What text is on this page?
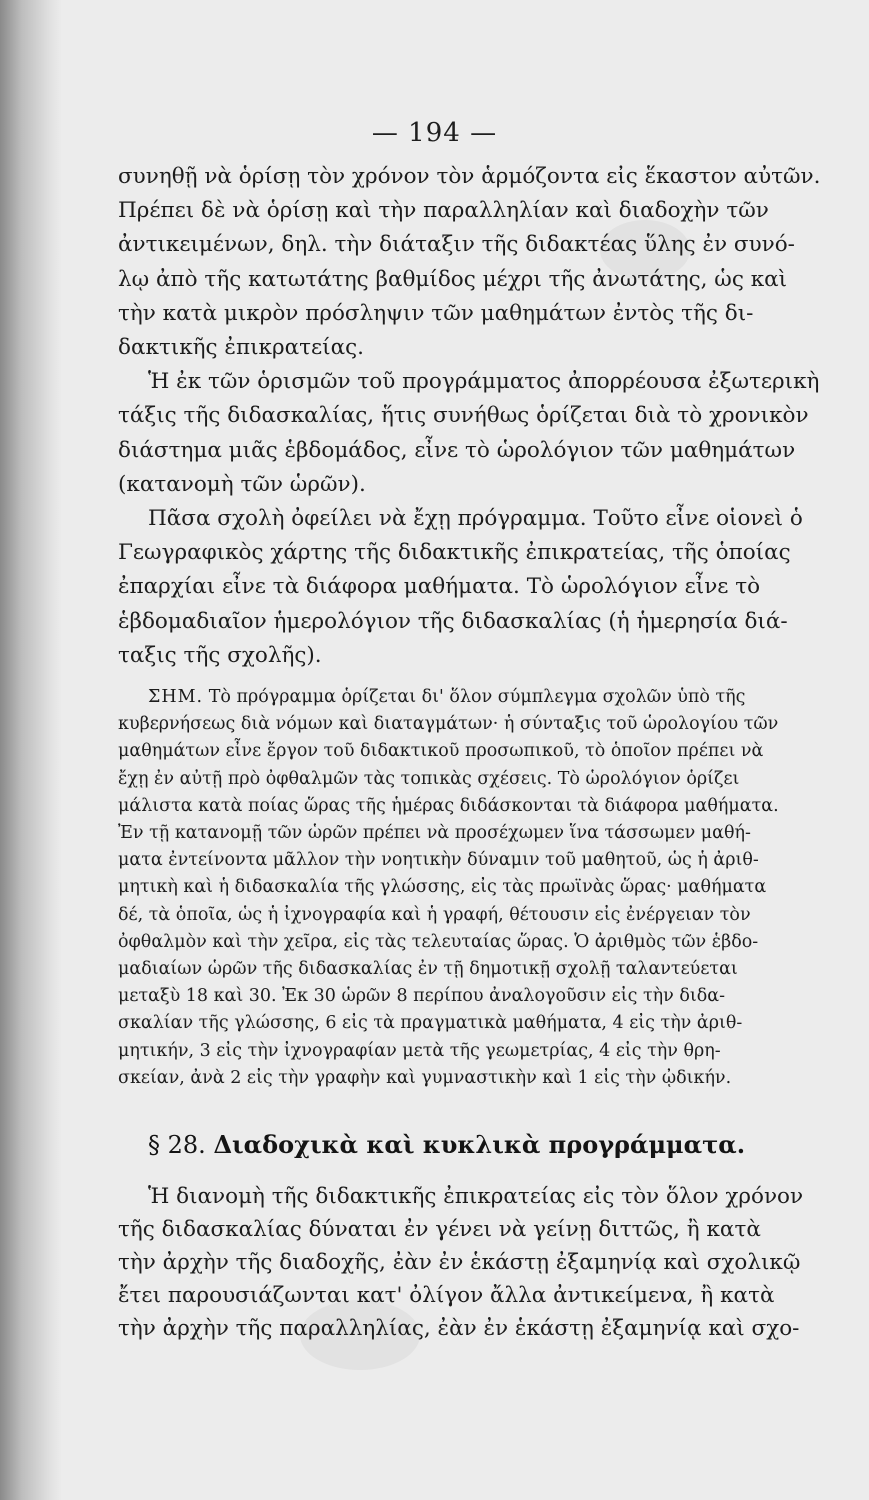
— 194 —
συνηθῇ νὰ ὁρίσῃ τὸν χρόνον τὸν ἁρμόζοντα εἰς ἕκαστον αὐτῶν.
Πρέπει δὲ νὰ ὁρίσῃ καὶ τὴν παραλληλίαν καὶ διαδοχὴν τῶν
ἀντικειμένων, δηλ. τὴν διάταξιν τῆς διδακτέας ὕλης ἐν συνό-
λῳ ἀπὸ τῆς κατωτάτης βαθμίδος μέχρι τῆς ἀνωτάτης, ὡς καὶ
τὴν κατὰ μικρὸν πρόσληψιν τῶν μαθημάτων ἐντὸς τῆς δι-
δακτικῆς ἐπικρατείας.
Ἡ ἐκ τῶν ὁρισμῶν τοῦ προγράμματος ἀπορρέουσα ἐξωτερικὴ
τάξις τῆς διδασκαλίας, ἥτις συνήθως ὁρίζεται διὰ τὸ χρονικὸν
διάστημα μιᾶς ἑβδομάδος, εἶνε τὸ ὡρολόγιον τῶν μαθημάτων
(κατανομὴ τῶν ὡρῶν).
Πᾶσα σχολὴ ὀφείλει νὰ ἔχῃ πρόγραμμα. Τοῦτο εἶνε οἱονεὶ ὁ
Γεωγραφικὸς χάρτης τῆς διδακτικῆς ἐπικρατείας, τῆς ὁποίας
ἐπαρχίαι εἶνε τὰ διάφορα μαθήματα. Τὸ ὡρολόγιον εἶνε τὸ
ἑβδομαδιαῖον ἡμερολόγιον τῆς διδασκαλίας (ἡ ἡμερησία διά-
ταξις τῆς σχολῆς).
ΣΗΜ. Τὸ πρόγραμμα ὁρίζεται δι' ὅλον σύμπλεγμα σχολῶν ὑπὸ τῆς
κυβερνήσεως διὰ νόμων καὶ διαταγμάτων· ἡ σύνταξις τοῦ ὡρολογίου τῶν
μαθημάτων εἶνε ἔργον τοῦ διδακτικοῦ προσωπικοῦ, τὸ ὁποῖον πρέπει νὰ
ἔχῃ ἐν αὐτῇ πρὸ ὀφθαλμῶν τὰς τοπικὰς σχέσεις. Τὸ ὡρολόγιον ὁρίζει
μάλιστα κατὰ ποίας ὥρας τῆς ἡμέρας διδάσκονται τὰ διάφορα μαθήματα.
Ἐν τῇ κατανομῇ τῶν ὡρῶν πρέπει νὰ προσέχωμεν ἵνα τάσσωμεν μαθή-
ματα ἐντείνοντα μᾶλλον τὴν νοητικὴν δύναμιν τοῦ μαθητοῦ, ὡς ἡ ἀριθ-
μητικὴ καὶ ἡ διδασκαλία τῆς γλώσσης, εἰς τὰς πρωϊνὰς ὥρας· μαθήματα
δέ, τὰ ὁποῖα, ὡς ἡ ἰχνογραφία καὶ ἡ γραφή, θέτουσιν εἰς ἐνέργειαν τὸν
ὀφθαλμὸν καὶ τὴν χεῖρα, εἰς τὰς τελευταίας ὥρας. Ὁ ἀριθμὸς τῶν ἑβδο-
μαδιαίων ὡρῶν τῆς διδασκαλίας ἐν τῇ δημοτικῇ σχολῇ ταλαντεύεται
μεταξὺ 18 καὶ 30. Ἐκ 30 ὡρῶν 8 περίπου ἀναλογοῦσιν εἰς τὴν διδα-
σκαλίαν τῆς γλώσσης, 6 εἰς τὰ πραγματικὰ μαθήματα, 4 εἰς τὴν ἀριθ-
μητικήν, 3 εἰς τὴν ἰχνογραφίαν μετὰ τῆς γεωμετρίας, 4 εἰς τὴν θρη-
σκείαν, ἀνὰ 2 εἰς τὴν γραφὴν καὶ γυμναστικὴν καὶ 1 εἰς τὴν ᾠδικήν.
§ 28. Διαδοχικὰ καὶ κυκλικὰ προγράμματα.
Ἡ διανομὴ τῆς διδακτικῆς ἐπικρατείας εἰς τὸν ὅλον χρόνον
τῆς διδασκαλίας δύναται ἐν γένει νὰ γείνῃ διττῶς, ἢ κατὰ
τὴν ἀρχὴν τῆς διαδοχῆς, ἐὰν ἐν ἑκάστῃ ἐξαμηνίᾳ καὶ σχολικῷ
ἔτει παρουσιάζωνται κατ' ὀλίγον ἄλλα ἀντικείμενα, ἢ κατὰ
τὴν ἀρχὴν τῆς παραλληλίας, ἐὰν ἐν ἑκάστῃ ἐξαμηνίᾳ καὶ σχο-
